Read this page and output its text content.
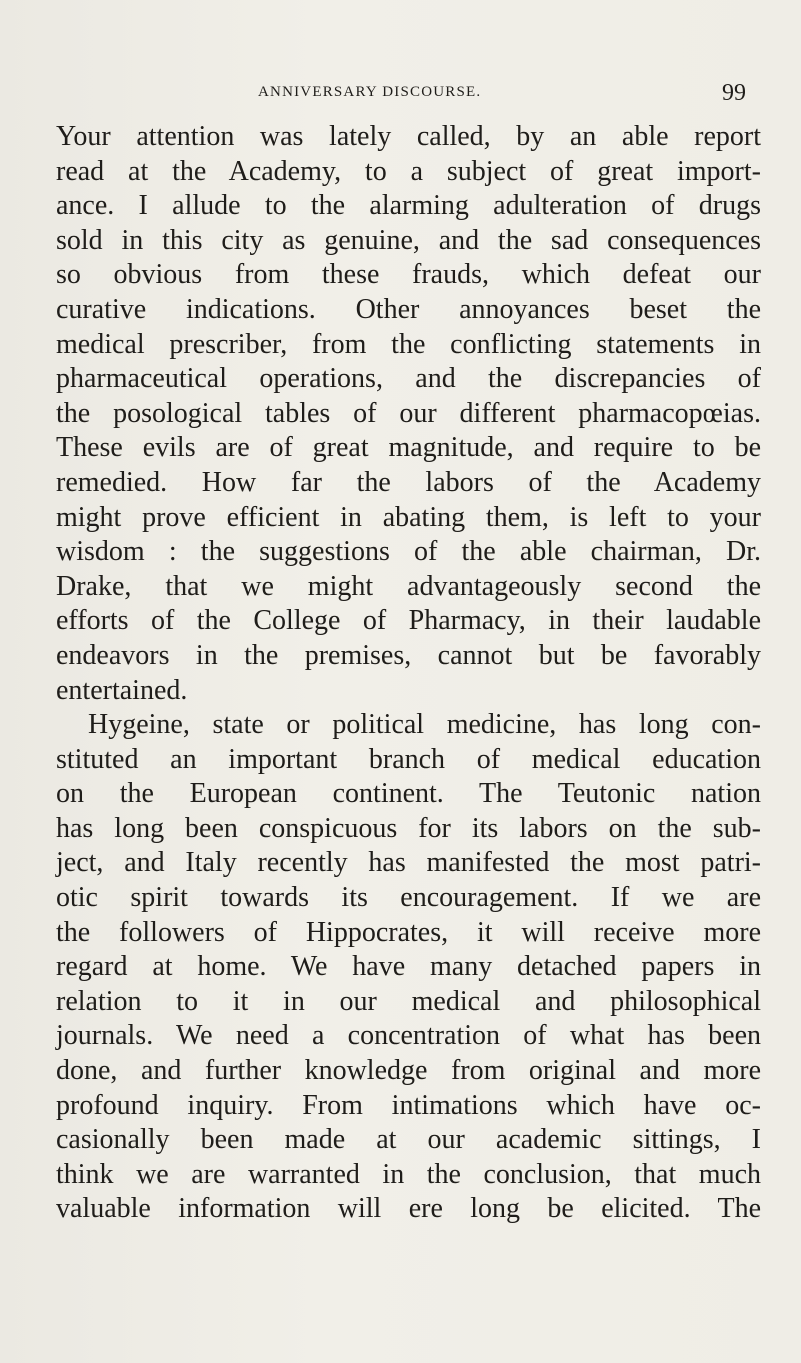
ANNIVERSARY DISCOURSE.	99
Your attention was lately called, by an able report
read at the Academy, to a subject of great import-
ance. I allude to the alarming adulteration of drugs
sold in this city as genuine, and the sad consequences
so obvious from these frauds, which defeat our
curative indications. Other annoyances beset the
medical prescriber, from the conflicting statements in
pharmaceutical operations, and the discrepancies of
the posological tables of our different pharmacopœias.
These evils are of great magnitude, and require to be
remedied. How far the labors of the Academy
might prove efficient in abating them, is left to your
wisdom : the suggestions of the able chairman, Dr.
Drake, that we might advantageously second the
efforts of the College of Pharmacy, in their laudable
endeavors in the premises, cannot but be favorably
entertained.
Hygeine, state or political medicine, has long con-
stituted an important branch of medical education
on the European continent. The Teutonic nation
has long been conspicuous for its labors on the sub-
ject, and Italy recently has manifested the most patri-
otic spirit towards its encouragement. If we are
the followers of Hippocrates, it will receive more
regard at home. We have many detached papers in
relation to it in our medical and philosophical
journals. We need a concentration of what has been
done, and further knowledge from original and more
profound inquiry. From intimations which have oc-
casionally been made at our academic sittings, I
think we are warranted in the conclusion, that much
valuable information will ere long be elicited. The
